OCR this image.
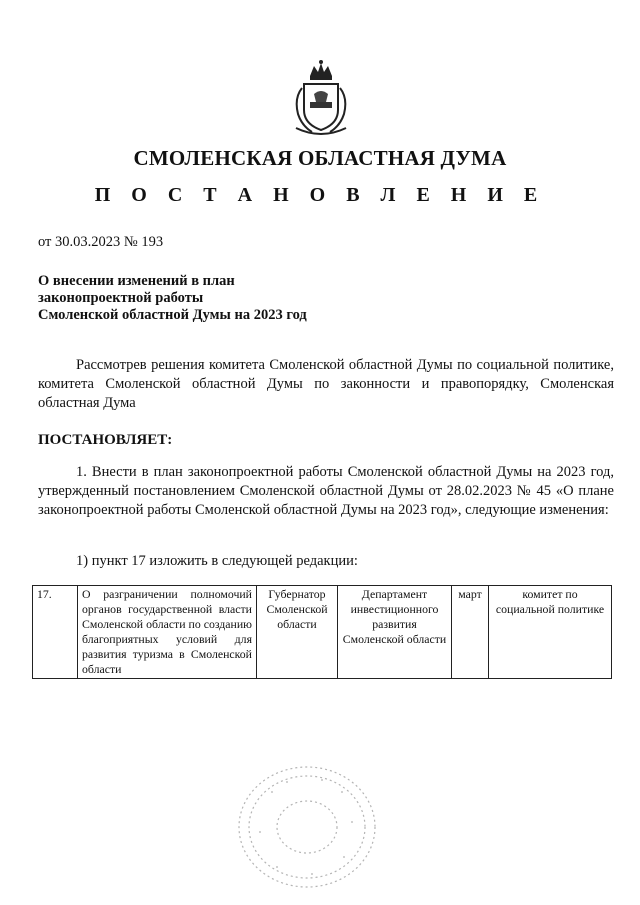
СМОЛЕНСКАЯ ОБЛАСТНАЯ ДУМА
П О С Т А Н О В Л Е Н И Е
от 30.03.2023 № 193
О внесении изменений в план
законопроектной работы
Смоленской областной Думы на 2023 год
Рассмотрев решения комитета Смоленской областной Думы по социальной политике, комитета Смоленской областной Думы по законности и правопорядку, Смоленская областная Дума
ПОСТАНОВЛЯЕТ:
1. Внести в план законопроектной работы Смоленской областной Думы на 2023 год, утвержденный постановлением Смоленской областной Думы от 28.02.2023 № 45 «О плане законопроектной работы Смоленской областной Думы на 2023 год», следующие изменения:
1) пункт 17 изложить в следующей редакции:
17.	О разграничении полномочий органов государственной власти Смоленской области по созданию благоприятных условий для развития туризма в Смоленской области	Губернатор Смоленской области	Департамент инвестиционного развития Смоленской области	март	комитет по социальной политике
